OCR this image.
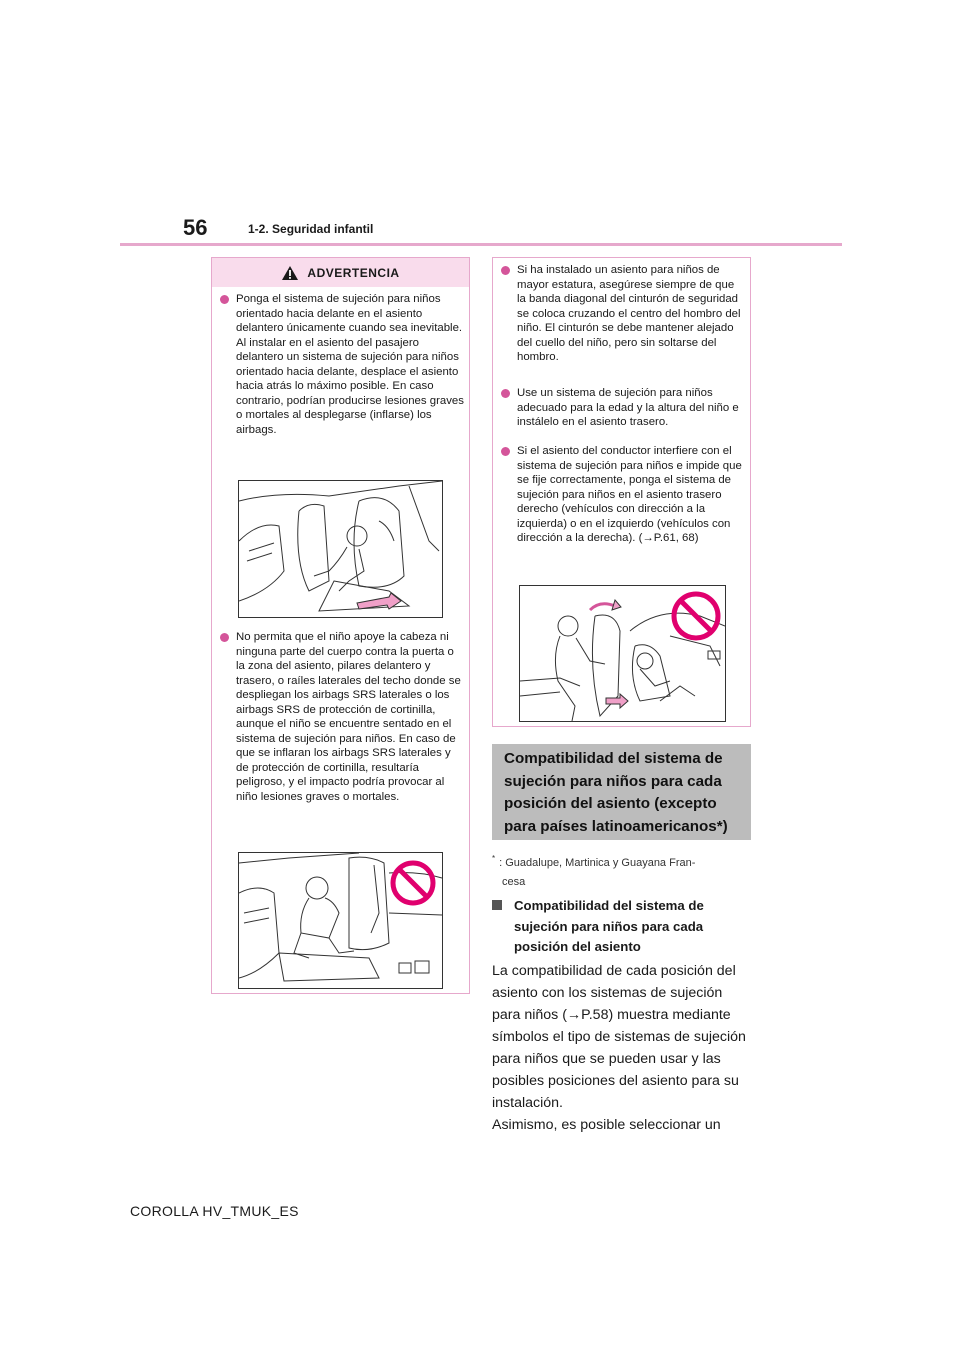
56	1-2. Seguridad infantil
ADVERTENCIA
Ponga el sistema de sujeción para niños orientado hacia delante en el asiento delantero únicamente cuando sea inevitable. Al instalar en el asiento del pasajero delantero un sistema de sujeción para niños orientado hacia delante, desplace el asiento hacia atrás lo máximo posible. En caso contrario, podrían producirse lesiones graves o mortales al desplegarse (inflarse) los airbags.
No permita que el niño apoye la cabeza ni ninguna parte del cuerpo contra la puerta o la zona del asiento, pilares delantero y trasero, o raíles laterales del techo donde se despliegan los airbags SRS laterales o los airbags SRS de protección de cortinilla, aunque el niño se encuentre sentado en el sistema de sujeción para niños. En caso de que se inflaran los airbags SRS laterales y de protección de cortinilla, resultaría peligroso, y el impacto podría provocar al niño lesiones graves o mortales.
Si ha instalado un asiento para niños de mayor estatura, asegúrese siempre de que la banda diagonal del cinturón de seguridad se coloca cruzando el centro del hombro del niño. El cinturón se debe mantener alejado del cuello del niño, pero sin soltarse del hombro.
Use un sistema de sujeción para niños adecuado para la edad y la altura del niño e instálelo en el asiento trasero.
Si el asiento del conductor interfiere con el sistema de sujeción para niños e impide que se fije correctamente, ponga el sistema de sujeción para niños en el asiento trasero derecho (vehículos con dirección a la izquierda) o en el izquierdo (vehículos con dirección a la derecha). (→P.61, 68)
Compatibilidad del sistema de sujeción para niños para cada posición del asiento (excepto para países latinoamericanos*)
* : Guadalupe, Martinica y Guayana Fran-
cesa
Compatibilidad del sistema de sujeción para niños para cada posición del asiento
La compatibilidad de cada posición del asiento con los sistemas de sujeción para niños (→P.58) muestra mediante símbolos el tipo de sistemas de sujeción para niños que se pueden usar y las posibles posiciones del asiento para su instalación.
Asimismo, es posible seleccionar un
COROLLA HV_TMUK_ES
